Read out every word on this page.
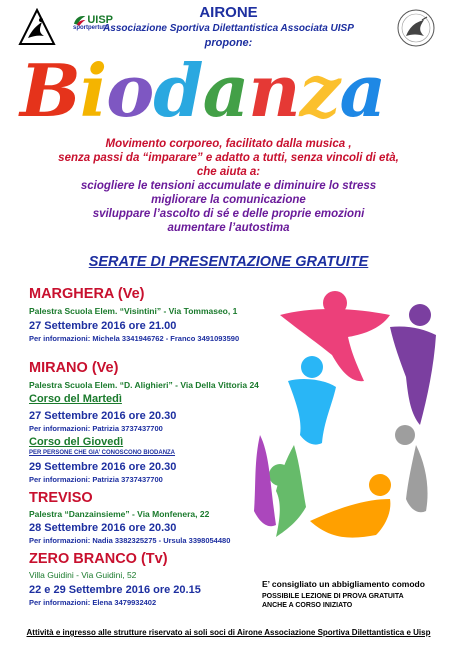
UISP
sportpertutti
AIRONE
Associazione Sportiva Dilettantistica Associata UISP
propone:
Biodanza
Movimento corporeo, facilitato dalla musica ,
senza passi da “imparare” e adatto a tutti, senza vincoli di età,
che aiuta a:
sciogliere le tensioni accumulate e diminuire lo stress
migliorare la comunicazione
sviluppare l’ascolto di sé e delle proprie emozioni
aumentare l’autostima
SERATE DI PRESENTAZIONE GRATUITE
MARGHERA (Ve)
Palestra Scuola Elem. “Visintini” - Via Tommaseo, 1
27 Settembre 2016 ore 21.00
Per informazioni: Michela 3341946762 - Franco 3491093590
MIRANO (Ve)
Palestra Scuola Elem. “D. Alighieri” - Via Della Vittoria 24
Corso del Martedì
27 Settembre 2016 ore 20.30
Per informazioni: Patrizia 3737437700
Corso del Giovedì
PER PERSONE CHE GIA’ CONOSCONO BIODANZA
29 Settembre 2016 ore 20.30
Per informazioni: Patrizia 3737437700
TREVISO
Palestra “Danzainsieme” - Via Monfenera, 22
28 Settembre 2016 ore 20.30
Per informazioni: Nadia 3382325275 - Ursula 3398054480
ZERO BRANCO (Tv)
Villa Guidini - Via Guidini, 52
22 e 29 Settembre 2016 ore 20.15
Per informazioni: Elena 3479932402
E’ consigliato un abbigliamento comodo
POSSIBILE LEZIONE DI PROVA GRATUITA
ANCHE A CORSO INIZIATO
Attività e ingresso alle strutture riservato ai soli soci di Airone Associazione Sportiva Dilettantistica e Uisp
